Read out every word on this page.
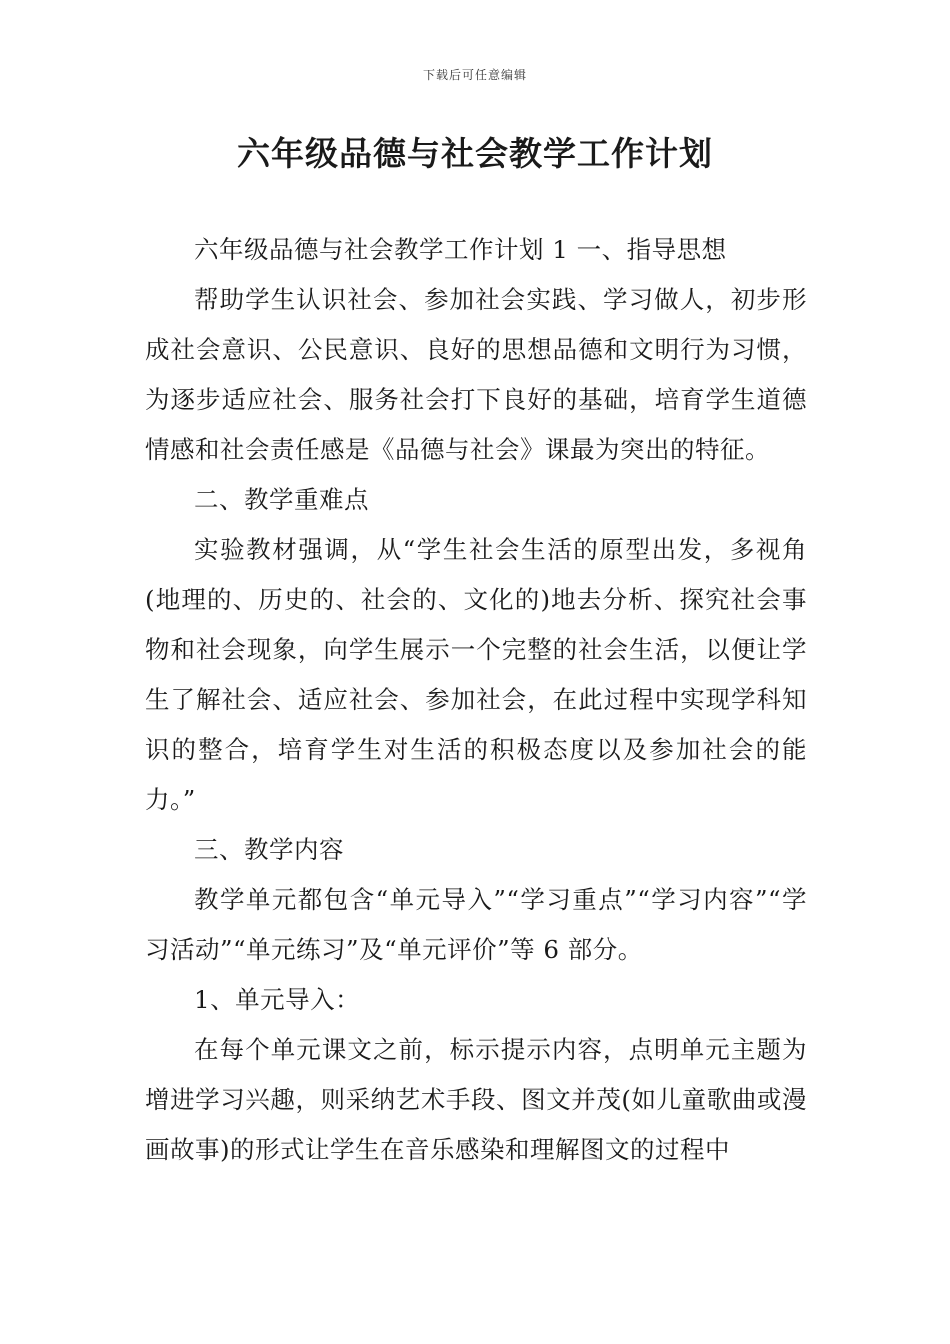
下载后可任意编辑
六年级品德与社会教学工作计划

六年级品德与社会教学工作计划 1 一、指导思想

帮助学生认识社会、参加社会实践、学习做人，初步形成社会意识、公民意识、良好的思想品德和文明行为习惯，为逐步适应社会、服务社会打下良好的基础，培育学生道德情感和社会责任感是《品德与社会》课最为突出的特征。

二、教学重难点

实验教材强调，从“学生社会生活的原型出发，多视角(地理的、历史的、社会的、文化的)地去分析、探究社会事物和社会现象，向学生展示一个完整的社会生活，以便让学生了解社会、适应社会、参加社会，在此过程中实现学科知识的整合，培育学生对生活的积极态度以及参加社会的能力。”

三、教学内容

教学单元都包含“单元导入”“学习重点”“学习内容”“学习活动”“单元练习”及“单元评价”等 6 部分。

1、单元导入：

在每个单元课文之前，标示提示内容，点明单元主题为增进学习兴趣，则采纳艺术手段、图文并茂(如儿童歌曲或漫画故事)的形式让学生在音乐感染和理解图文的过程中
